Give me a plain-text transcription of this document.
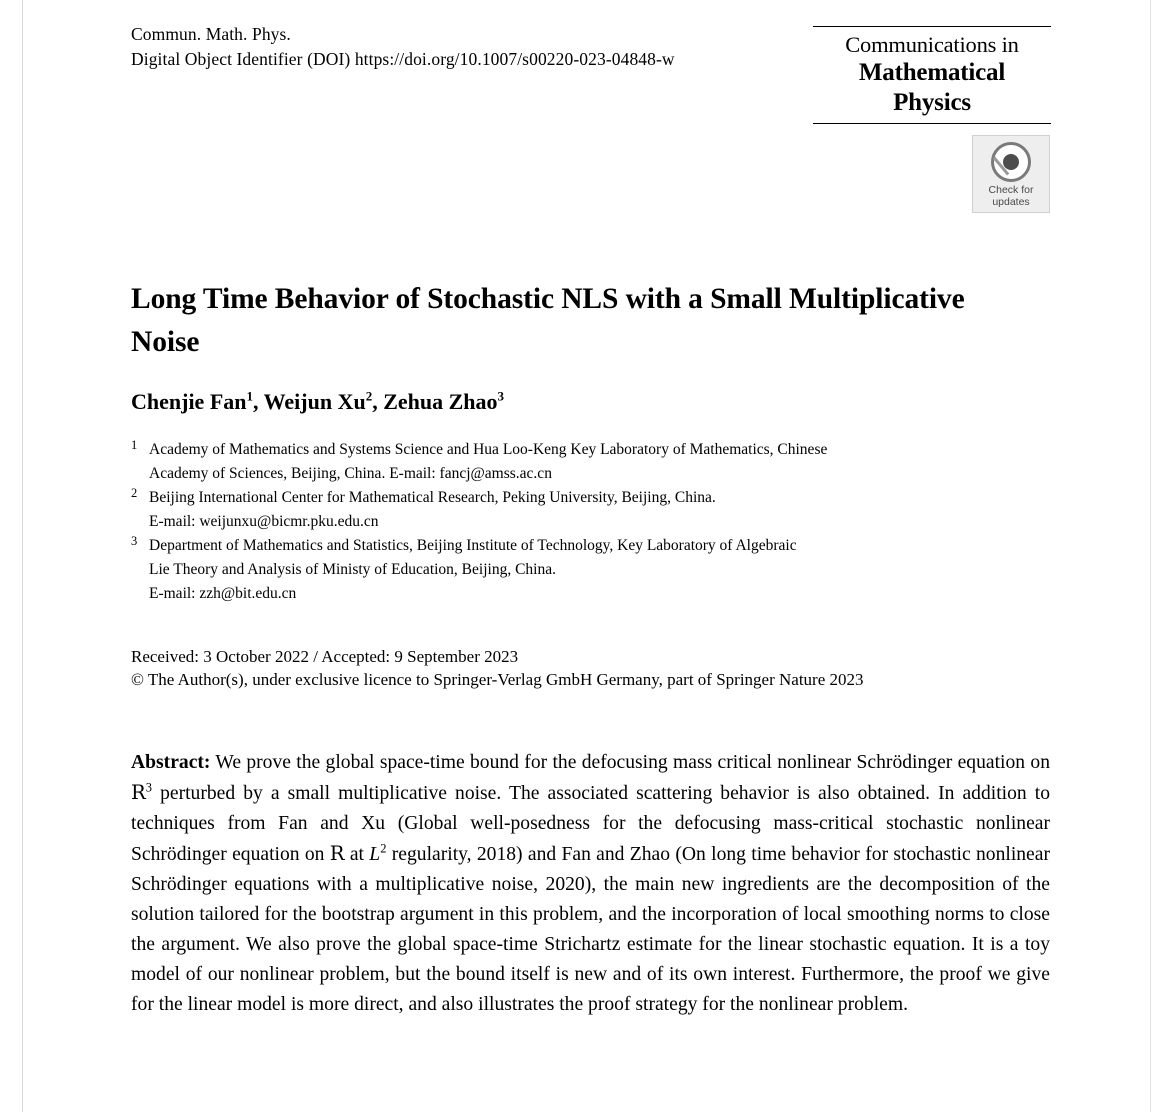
Commun. Math. Phys.
Digital Object Identifier (DOI) https://doi.org/10.1007/s00220-023-04848-w
Communications in
Mathematical
Physics
Check for
updates
Long Time Behavior of Stochastic NLS with a Small Multiplicative Noise
Chenjie Fan$^1$, Weijun Xu$^2$, Zehua Zhao$^3$
1 Academy of Mathematics and Systems Science and Hua Loo-Keng Key Laboratory of Mathematics, Chinese
Academy of Sciences, Beijing, China. E-mail: fancj@amss.ac.cn
2 Beijing International Center for Mathematical Research, Peking University, Beijing, China.
E-mail: weijunxu@bicmr.pku.edu.cn
3 Department of Mathematics and Statistics, Beijing Institute of Technology, Key Laboratory of Algebraic
Lie Theory and Analysis of Ministy of Education, Beijing, China.
E-mail: zzh@bit.edu.cn
Received: 3 October 2022 / Accepted: 9 September 2023
© The Author(s), under exclusive licence to Springer-Verlag GmbH Germany, part of Springer Nature 2023
Abstract: We prove the global space-time bound for the defocusing mass critical nonlinear Schrödinger equation on $R^3$ perturbed by a small multiplicative noise. The associated scattering behavior is also obtained. In addition to techniques from Fan and Xu (Global well-posedness for the defocusing mass-critical stochastic nonlinear Schrödinger equation on R at $L^2$ regularity, 2018) and Fan and Zhao (On long time behavior for stochastic nonlinear Schrödinger equations with a multiplicative noise, 2020), the main new ingredients are the decomposition of the solution tailored for the bootstrap argument in this problem, and the incorporation of local smoothing norms to close the argument. We also prove the global space-time Strichartz estimate for the linear stochastic equation. It is a toy model of our nonlinear problem, but the bound itself is new and of its own interest. Furthermore, the proof we give for the linear model is more direct, and also illustrates the proof strategy for the nonlinear problem.
